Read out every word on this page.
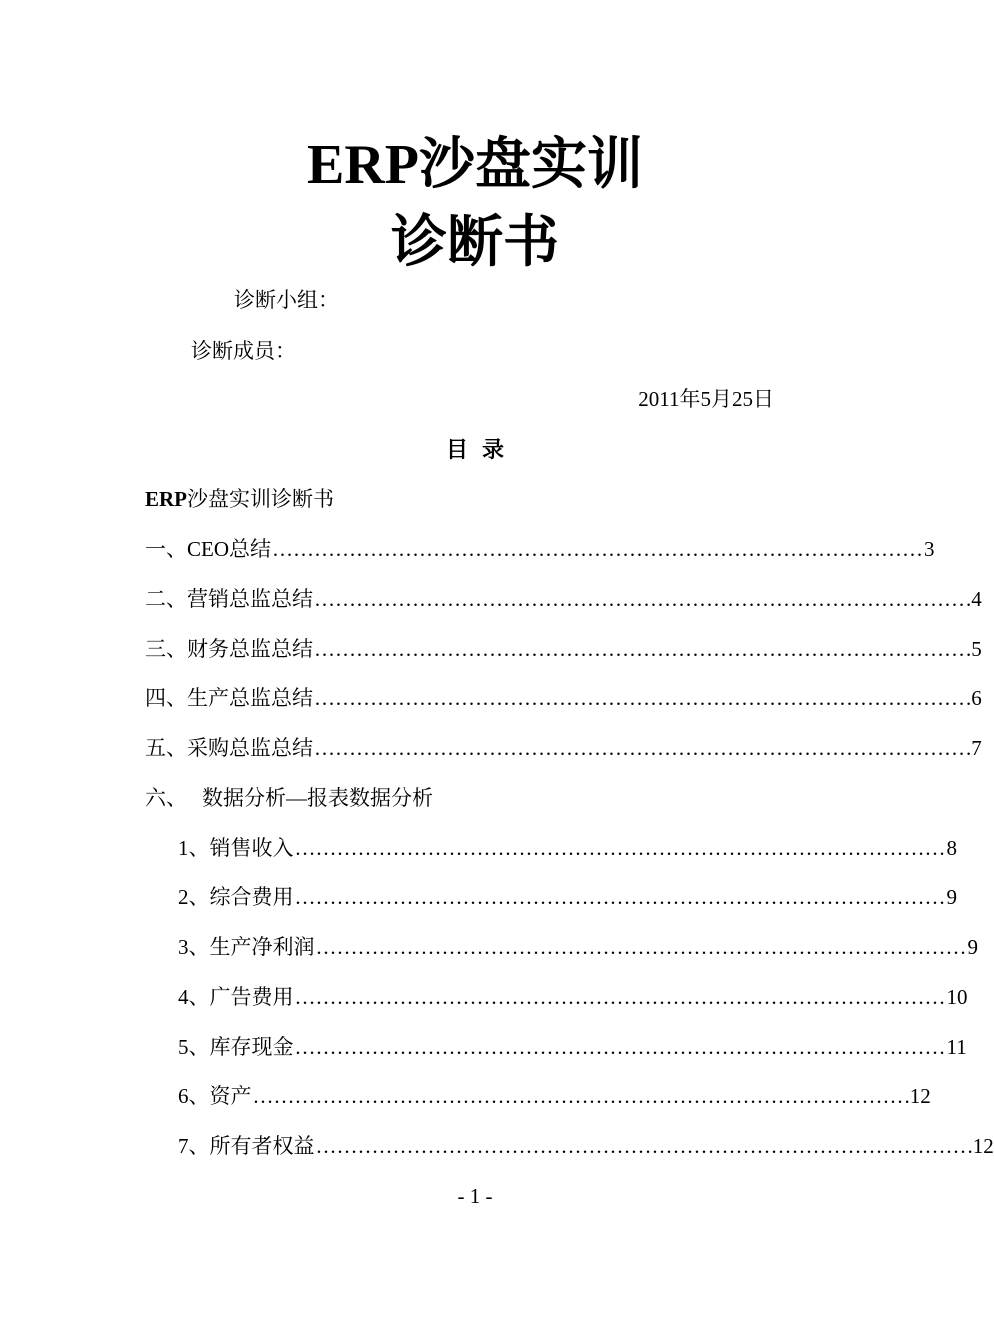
ERP沙盘实训
诊断书
诊断小组：
诊断成员：
2011年5月25日
目录
ERP沙盘实训诊断书
一、 CEO总结 ………………………………………………………………………………… 3
二、 营销总监总结 ………………………………………………………………………………… .4
三、 财务总监总结 ………………………………………………………………………………… .5
四、 生产总监总结 ………………………………………………………………………………… .6
五、 采购总监总结 ………………………………………………………………………………… .7
六、 数据分析—报表数据分析
1、 销售收入 ………………………………………………………………………………… 8
2、 综合费用 ………………………………………………………………………………… 9
3、 生产净利润 ………………………………………………………………………………… 9
4、 广告费用 ………………………………………………………………………………… 10
5、 库存现金 ………………………………………………………………………………… 11
6、 资产 ………………………………………………………………………………… .12
7、 所有者权益 ………………………………………………………………………………… .12
- 1 -
